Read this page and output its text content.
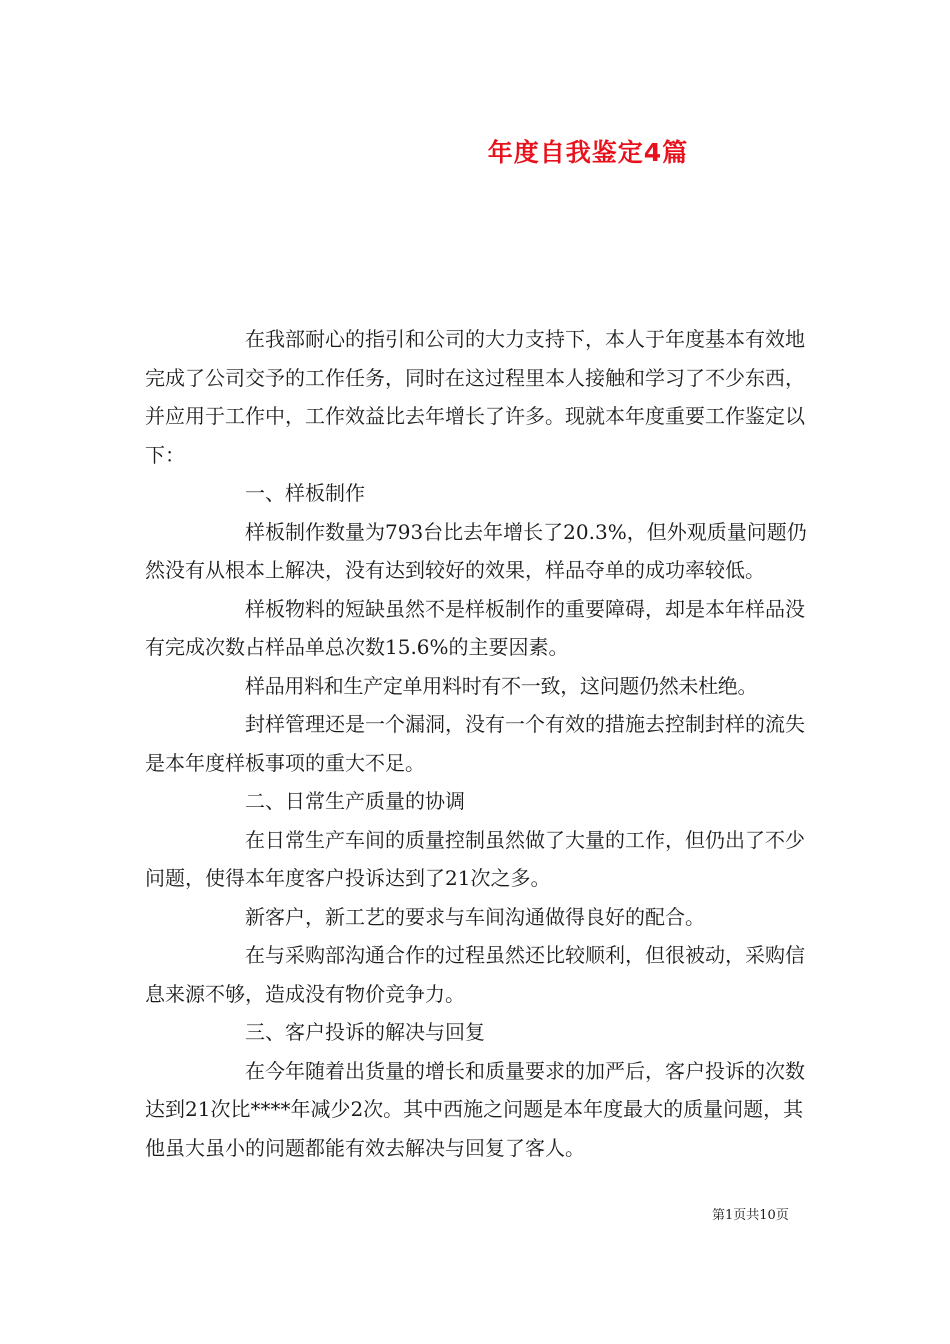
年度自我鉴定4篇

在我部耐心的指引和公司的大力支持下，本人于年度基本有效地完成了公司交予的工作任务，同时在这过程里本人接触和学习了不少东西，并应用于工作中，工作效益比去年增长了许多。现就本年度重要工作鉴定以下：

一、样板制作

样板制作数量为793台比去年增长了20.3%，但外观质量问题仍然没有从根本上解决，没有达到较好的效果，样品夺单的成功率较低。

样板物料的短缺虽然不是样板制作的重要障碍，却是本年样品没有完成次数占样品单总次数15.6%的主要因素。

样品用料和生产定单用料时有不一致，这问题仍然未杜绝。

封样管理还是一个漏洞，没有一个有效的措施去控制封样的流失是本年度样板事项的重大不足。

二、日常生产质量的协调

在日常生产车间的质量控制虽然做了大量的工作，但仍出了不少问题，使得本年度客户投诉达到了21次之多。

新客户，新工艺的要求与车间沟通做得良好的配合。

在与采购部沟通合作的过程虽然还比较顺利，但很被动，采购信息来源不够，造成没有物价竞争力。

三、客户投诉的解决与回复

在今年随着出货量的增长和质量要求的加严后，客户投诉的次数达到21次比****年减少2次。其中西施之问题是本年度最大的质量问题，其他虽大虽小的问题都能有效去解决与回复了客人。

第1页共10页
